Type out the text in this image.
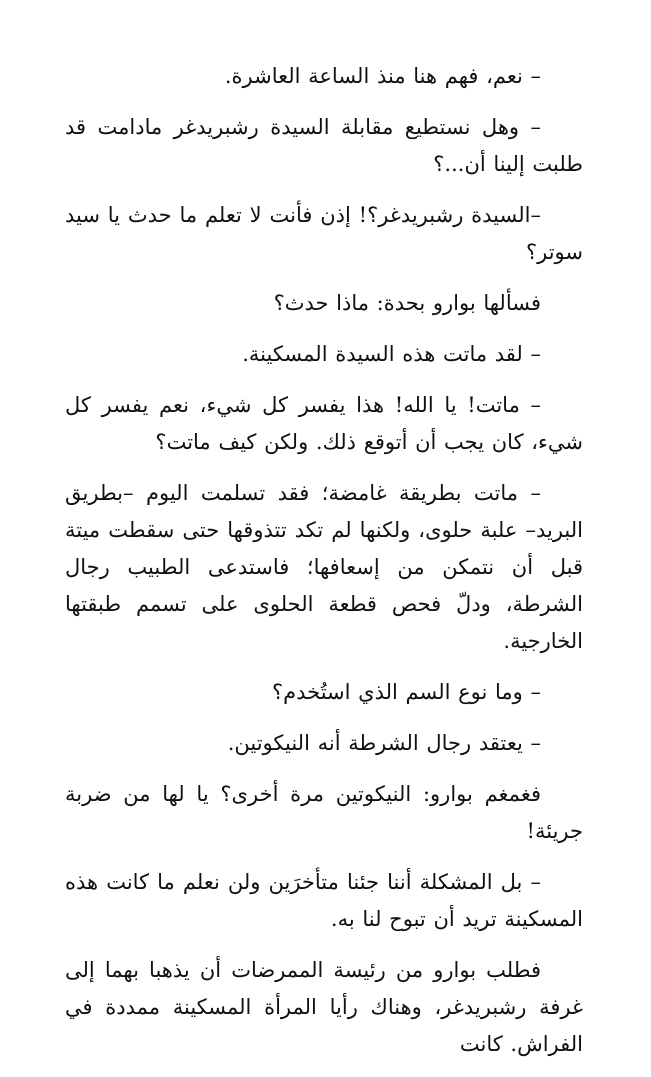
– نعم، فهم هنا منذ الساعة العاشرة.

– وهل نستطيع مقابلة السيدة رشبريدغر مادامت قد طلبت إلينا أن...؟

–السيدة رشبريدغر؟! إذن فأنت لا تعلم ما حدث يا سيد سوتر؟

فسألها بوارو بحدة: ماذا حدث؟

– لقد ماتت هذه السيدة المسكينة.

– ماتت! يا الله! هذا يفسر كل شيء، نعم يفسر كل شيء، كان يجب أن أتوقع ذلك. ولكن كيف ماتت؟

– ماتت بطريقة غامضة؛ فقد تسلمت اليوم –بطريق البريد– علبة حلوى، ولكنها لم تكد تتذوقها حتى سقطت ميتة قبل أن نتمكن من إسعافها؛ فاستدعى الطبيب رجال الشرطة، ودلّ فحص قطعة الحلوى على تسمم طبقتها الخارجية.

– وما نوع السم الذي استُخدم؟

– يعتقد رجال الشرطة أنه النيكوتين.

فغمغم بوارو: النيكوتين مرة أخرى؟ يا لها من ضربة جريئة!

– بل المشكلة أننا جئنا متأخرَين ولن نعلم ما كانت هذه المسكينة تريد أن تبوح لنا به.

فطلب بوارو من رئيسة الممرضات أن يذهبا بهما إلى غرفة رشبريدغر، وهناك رأيا المرأة المسكينة ممددة في الفراش. كانت
